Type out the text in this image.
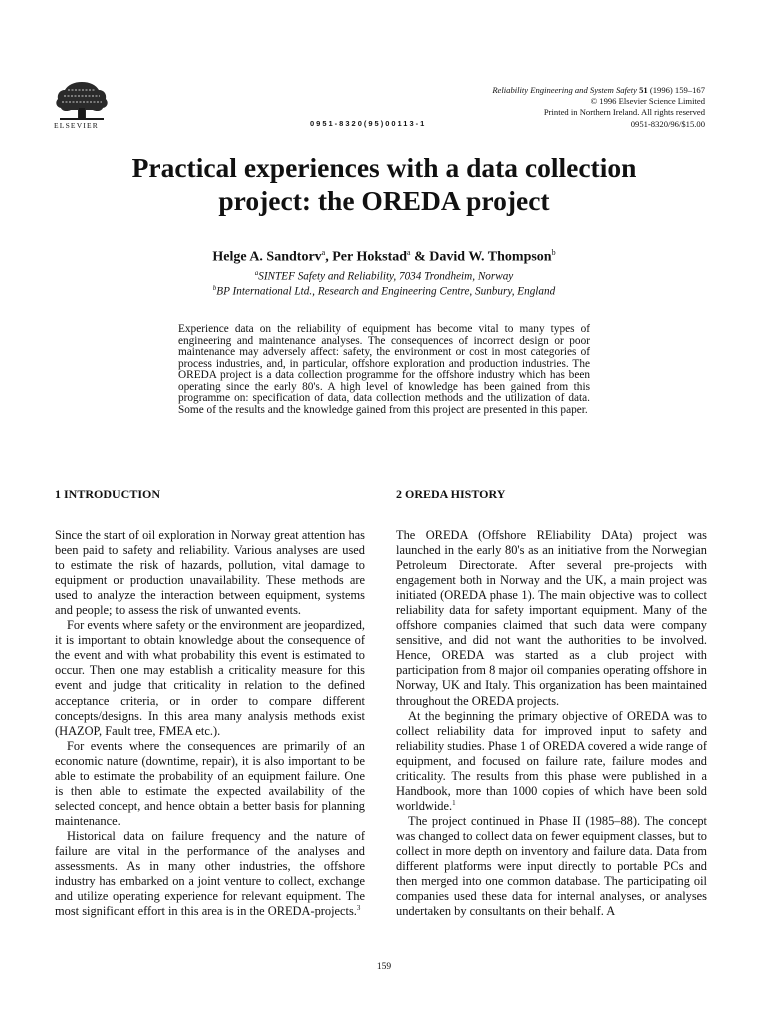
ELSEVIER	0951-8320(95)00113-1
Reliability Engineering and System Safety 51 (1996) 159–167
© 1996 Elsevier Science Limited
Printed in Northern Ireland. All rights reserved
0951-8320/96/$15.00
Practical experiences with a data collection
project: the OREDA project
Helge A. Sandtorv$^a$, Per Hokstad$^a$ & David W. Thompson$^b$
$^a$SINTEF Safety and Reliability, 7034 Trondheim, Norway
$^b$BP International Ltd., Research and Engineering Centre, Sunbury, England

Experience data on the reliability of equipment has become vital to many types of engineering and maintenance analyses. The consequences of incorrect design or poor maintenance may adversely affect: safety, the environment or cost in most categories of process industries, and, in particular, offshore exploration and production industries. The OREDA project is a data collection programme for the offshore industry which has been operating since the early 80's. A high level of knowledge has been gained from this programme on: specification of data, data collection methods and the utilization of data. Some of the results and the knowledge gained from this project are presented in this paper.

1 INTRODUCTION	2 OREDA HISTORY

Since the start of oil exploration in Norway great attention has been paid to safety and reliability. Various analyses are used to estimate the risk of hazards, pollution, vital damage to equipment or production unavailability. These methods are used to analyze the interaction between equipment, systems and people; to assess the risk of unwanted events.

For events where safety or the environment are jeopardized, it is important to obtain knowledge about the consequence of the event and with what probability this event is estimated to occur. Then one may establish a criticality measure for this event and judge that criticality in relation to the defined acceptance criteria, or in order to compare different concepts/designs. In this area many analysis methods exist (HAZOP, Fault tree, FMEA etc.).

For events where the consequences are primarily of an economic nature (downtime, repair), it is also important to be able to estimate the probability of an equipment failure. One is then able to estimate the expected availability of the selected concept, and hence obtain a better basis for planning maintenance.

Historical data on failure frequency and the nature of failure are vital in the performance of the analyses and assessments. As in many other industries, the offshore industry has embarked on a joint venture to collect, exchange and utilize operating experience for relevant equipment. The most significant effort in this area is in the OREDA-projects.$^3$

The OREDA (Offshore REliability DAta) project was launched in the early 80's as an initiative from the Norwegian Petroleum Directorate. After several pre-projects with engagement both in Norway and the UK, a main project was initiated (OREDA phase 1). The main objective was to collect reliability data for safety important equipment. Many of the offshore companies claimed that such data were company sensitive, and did not want the authorities to be involved. Hence, OREDA was started as a club project with participation from 8 major oil companies operating offshore in Norway, UK and Italy. This organization has been maintained throughout the OREDA projects.

At the beginning the primary objective of OREDA was to collect reliability data for improved input to safety and reliability studies. Phase 1 of OREDA covered a wide range of equipment, and focused on failure rate, failure modes and criticality. The results from this phase were published in a Handbook, more than 1000 copies of which have been sold worldwide.$^1$

The project continued in Phase II (1985–88). The concept was changed to collect data on fewer equipment classes, but to collect in more depth on inventory and failure data. Data from different platforms were input directly to portable PCs and then merged into one common database. The participating oil companies used these data for internal analyses, or analyses undertaken by consultants on their behalf. A

159
